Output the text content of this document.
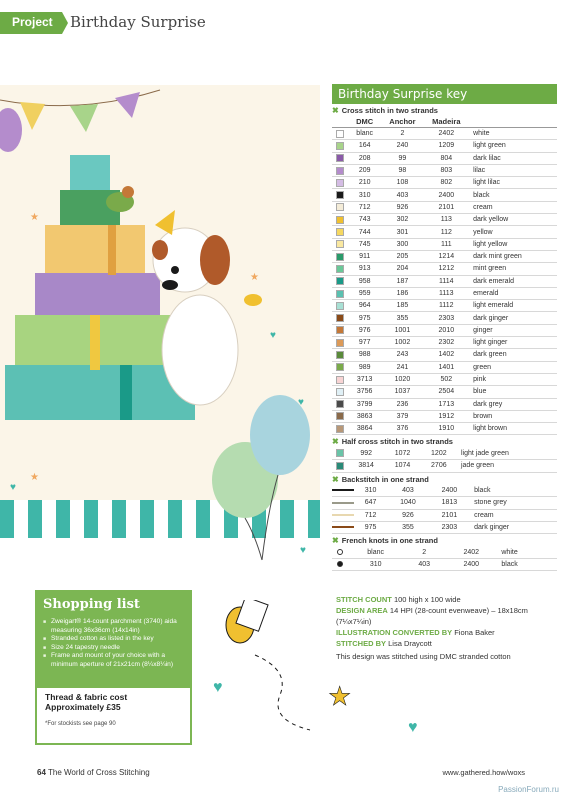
Project	Birthday Surprise
♥
♥
♥
♥
★
★
★
Birthday Surprise key
✖ Cross stitch in two strands
	DMC	Anchor	Madeira	
	blanc	2	2402	white
	164	240	1209	light green
	208	99	804	dark lilac
	209	98	803	lilac
	210	108	802	light lilac
	310	403	2400	black
	712	926	2101	cream
	743	302	113	dark yellow
	744	301	112	yellow
	745	300	111	light yellow
	911	205	1214	dark mint green
	913	204	1212	mint green
	958	187	1114	dark emerald
	959	186	1113	emerald
	964	185	1112	light emerald
	975	355	2303	dark ginger
	976	1001	2010	ginger
	977	1002	2302	light ginger
	988	243	1402	dark green
	989	241	1401	green
	3713	1020	502	pink
	3756	1037	2504	blue
	3799	236	1713	dark grey
	3863	379	1912	brown
	3864	376	1910	light brown
✖ Half cross stitch in two strands
	992	1072	1202	light jade green
	3814	1074	2706	jade green
✖ Backstitch in one strand
	310	403	2400	black
	647	1040	1813	stone grey
	712	926	2101	cream
	975	355	2303	dark ginger
✖ French knots in one strand
	blanc	2	2402	white
	310	403	2400	black
STITCH COUNT 100 high x 100 wide
DESIGN AREA 14 HPI (28-count evenweave) – 18x18cm (7¼x7¼in)
ILLUSTRATION CONVERTED BY Fiona Baker
STITCHED BY Lisa Draycott
This design was stitched using DMC stranded cotton
♥	★
♥
Shopping list
■ Zweigart® 14-count parchment (3740) aida measuring 36x36cm (14x14in)
■ Stranded cotton as listed in the key
■ Size 24 tapestry needle
■ Frame and mount of your choice with a minimum aperture of 21x21cm (8¼x8¼in)
Thread & fabric cost
Approximately £35
*For stockists see page 90
64 The World of Cross Stitching	www.gathered.how/woxs
PassionForum.ru
